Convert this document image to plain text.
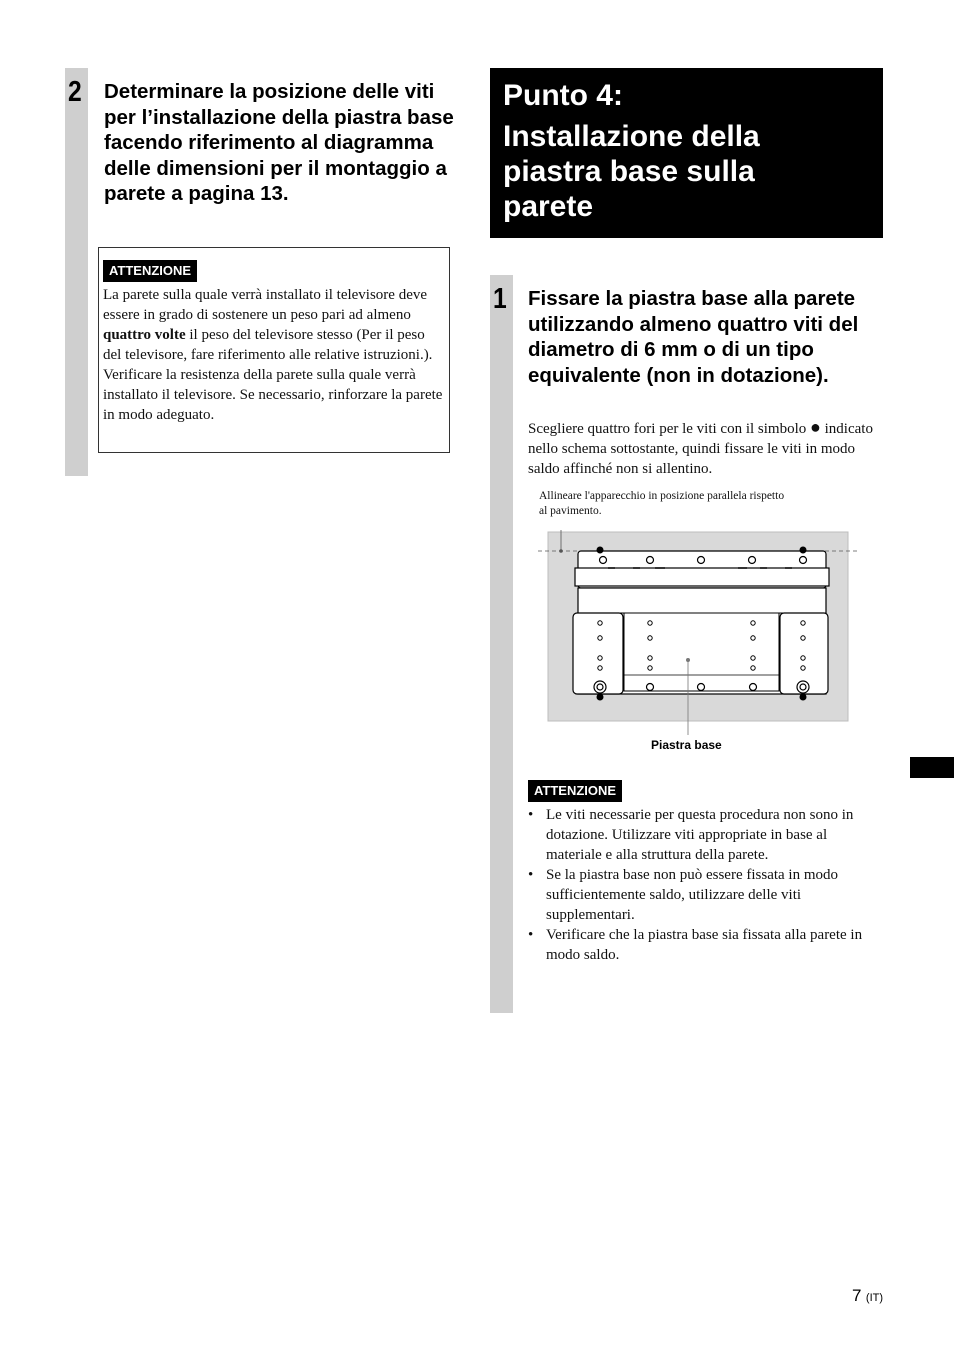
2 Determinare la posizione delle viti per l’installazione della piastra base facendo riferimento al diagramma delle dimensioni per il montaggio a parete a pagina 13.

ATTENZIONE
La parete sulla quale verrà installato il televisore deve essere in grado di sostenere un peso pari ad almeno quattro volte il peso del televisore stesso (Per il peso del televisore, fare riferimento alle relative istruzioni.).
Verificare la resistenza della parete sulla quale verrà installato il televisore. Se necessario, rinforzare la parete in modo adeguato.
Punto 4:
Installazione della
piastra base sulla
parete
1 Fissare la piastra base alla parete utilizzando almeno quattro viti del diametro di 6 mm o di un tipo equivalente (non in dotazione).

Scegliere quattro fori per le viti con il simbolo ● indicato nello schema sottostante, quindi fissare le viti in modo saldo affinché non si allentino.
Allineare l'apparecchio in posizione parallela rispetto al pavimento.
Piastra base
ATTENZIONE
• Le viti necessarie per questa procedura non sono in dotazione. Utilizzare viti appropriate in base al materiale e alla struttura della parete.
• Se la piastra base non può essere fissata in modo sufficientemente saldo, utilizzare delle viti supplementari.
• Verificare che la piastra base sia fissata alla parete in modo saldo.
7 (IT)
